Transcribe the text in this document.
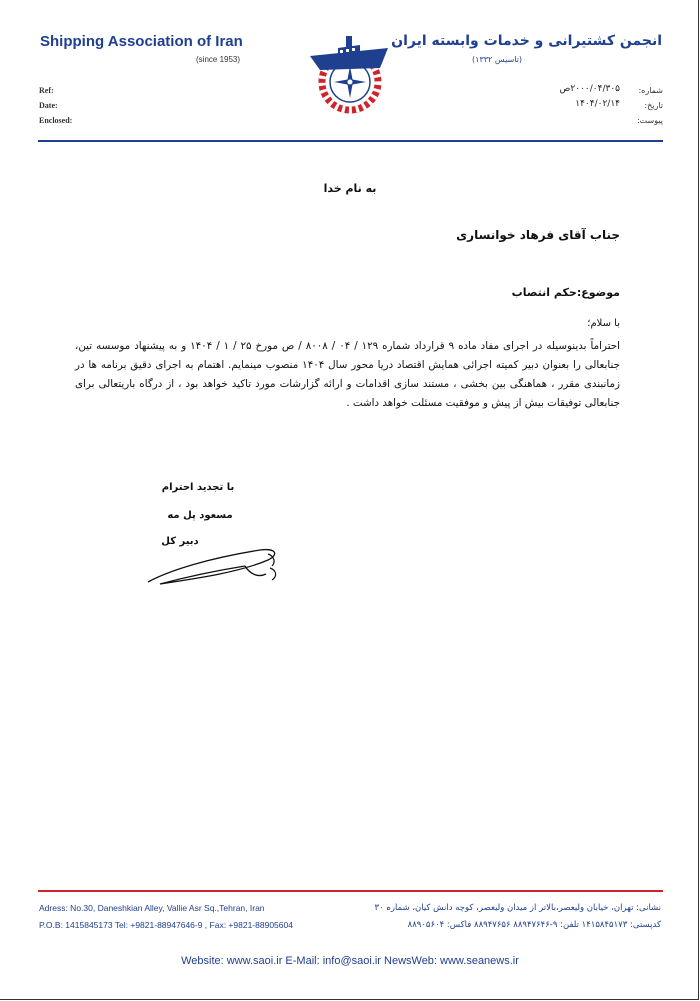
Shipping Association of Iran
(since 1953)
انجمن کشتیرانی و خدمات وابسته ایران
(تاسیس ۱۳۳۲)
Ref:
Date:
Enclosed:
شماره:
تاریخ:
پیوست:
۲۰۰۰/۰۴/۳۰۵ص
۱۴۰۴/۰۲/۱۴
به نام خدا
جناب آقای فرهاد خوانساری
موضوع:حکم انتصاب
با سلام؛
احتراماً بدینوسیله در اجرای مفاد ماده ۹ قرارداد شماره ۱۲۹ / ۰۴ / ۸۰۰۸ / ص مورخ ۲۵ / ۱ / ۱۴۰۴ و به پیشنهاد موسسه تین، جنابعالی را بعنوان دبیر کمیته اجرائی همایش اقتصاد دریا محور سال ۱۴۰۴ منصوب مینمایم. اهتمام به اجرای دقیق برنامه ها در زمانبندی مقرر ، هماهنگی بین بخشی ، مستند سازی اقدامات و ارائه گزارشات مورد تاکید خواهد بود ، از درگاه باریتعالی برای جنابعالی توفیقات بیش از پیش و موفقیت مسئلت خواهد داشت .
با تجدید احترام
مسعود پل مه
دبیر کل
Adress: No.30, Daneshkian Alley, Vallie Asr Sq.,Tehran, Iran
P.O.B: 1415845173 Tel: +9821-88947646-9 , Fax: +9821-88905604
نشانی: تهران، خیابان ولیعصر،بالاتر از میدان ولیعصر، کوچه دانش کیان، شماره ۳۰
کدپستی: ۱۴۱۵۸۴۵۱۷۳ تلفن: ۹-۸۸۹۴۷۶۴۶ ۸۸۹۴۷۶۵۶ فاکس: ۸۸۹۰۵۶۰۴
Website: www.saoi.ir E-Mail: info@saoi.ir NewsWeb: www.seanews.ir
